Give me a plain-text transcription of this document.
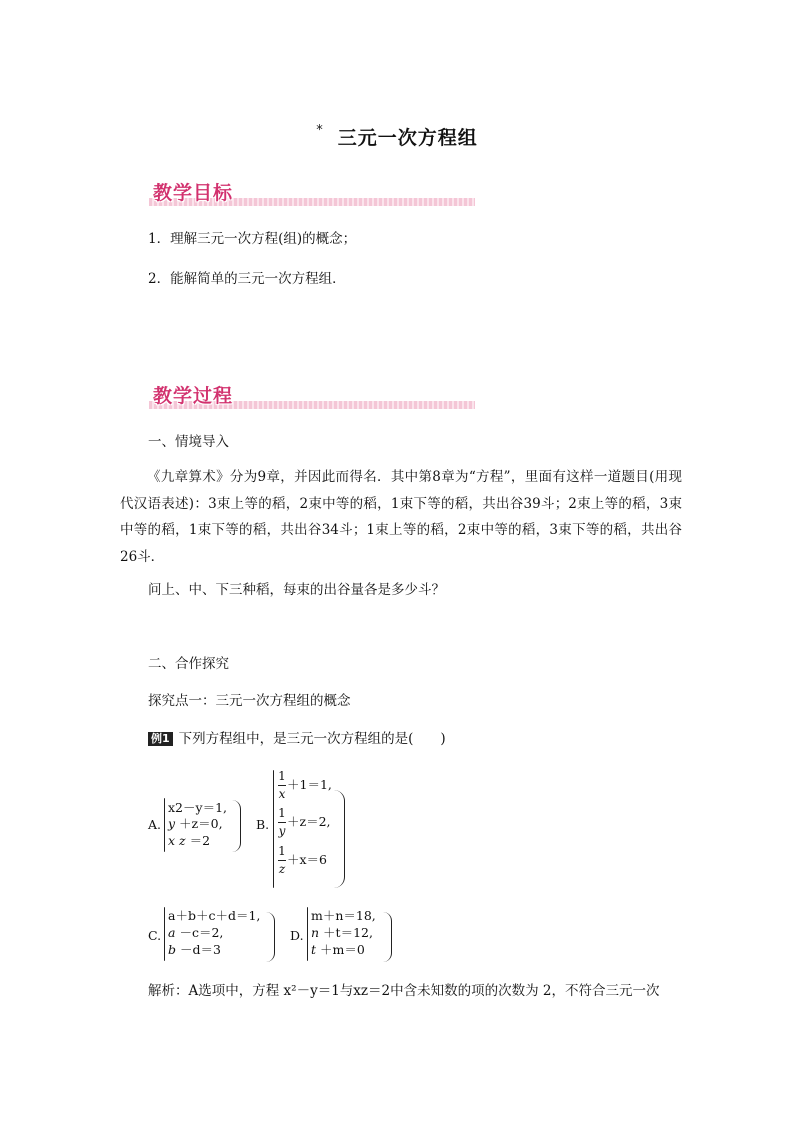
* 三元一次方程组
教学目标
1．理解三元一次方程(组)的概念；
2．能解简单的三元一次方程组．
教学过程
一、情境导入
《九章算术》分为9章，并因此而得名．其中第8章为“方程”，里面有这样一道题目(用现代汉语表述)：3束上等的稻，2束中等的稻，1束下等的稻，共出谷39斗；2束上等的稻，3束中等的稻，1束下等的稻，共出谷34斗；1束上等的稻，2束中等的稻，3束下等的稻，共出谷26斗．
问上、中、下三种稻，每束的出谷量各是多少斗？
二、合作探究
探究点一：三元一次方程组的概念
例1 下列方程组中，是三元一次方程组的是(　　)
A.
x2－y＝1,
y ＋z＝0,
x z ＝2
B.
1
x
＋1＝1,
1
y
＋z＝2,
1
z
＋x＝6
C.
a＋b＋c＋d＝1,
a －c＝2,
b －d＝3
D.
m＋n＝18,
n ＋t＝12,
t ＋m＝0
解析：A选项中，方程 x²－y＝1与xz＝2中含未知数的项的次数为 2，不符合三元一次
